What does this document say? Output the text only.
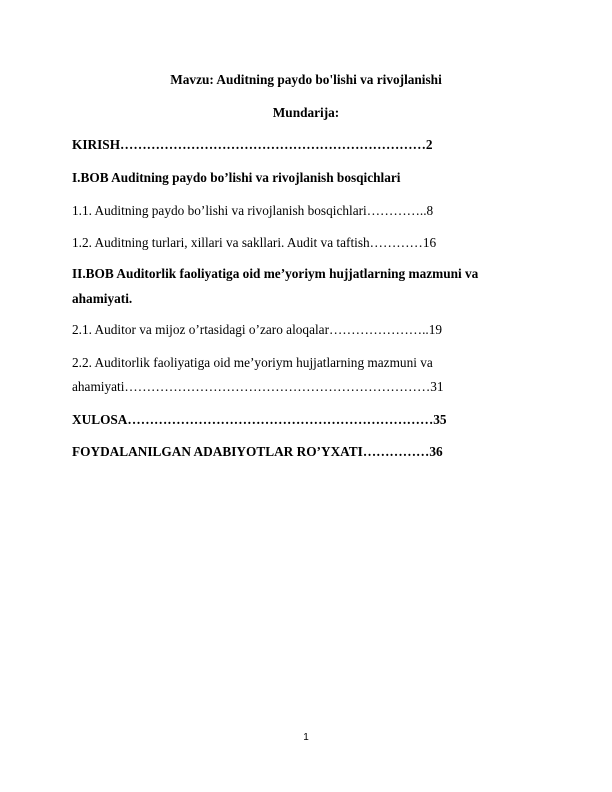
Mavzu: Auditning paydo bo'lishi va rivojlanishi
Mundarija:
KIRISH……………………………………………………………2
I.BOB Auditning paydo bo’lishi va rivojlanish bosqichlari
1.1. Auditning paydo bo’lishi va rivojlanish bosqichlari…………..8
1.2. Auditning turlari, xillari va sakllari. Audit va taftish…………16
II.BOB Auditorlik faoliyatiga oid me’yoriym hujjatlarning mazmuni va
ahamiyati.
2.1. Auditor va mijoz o’rtasidagi o’zaro aloqalar…………………..19
2.2. Auditorlik faoliyatiga oid me’yoriym hujjatlarning mazmuni va
ahamiyati……………………………………………………………31
XULOSA……………………………………………………………35
FOYDALANILGAN ADABIYOTLAR RO’YXATI……………36
1
